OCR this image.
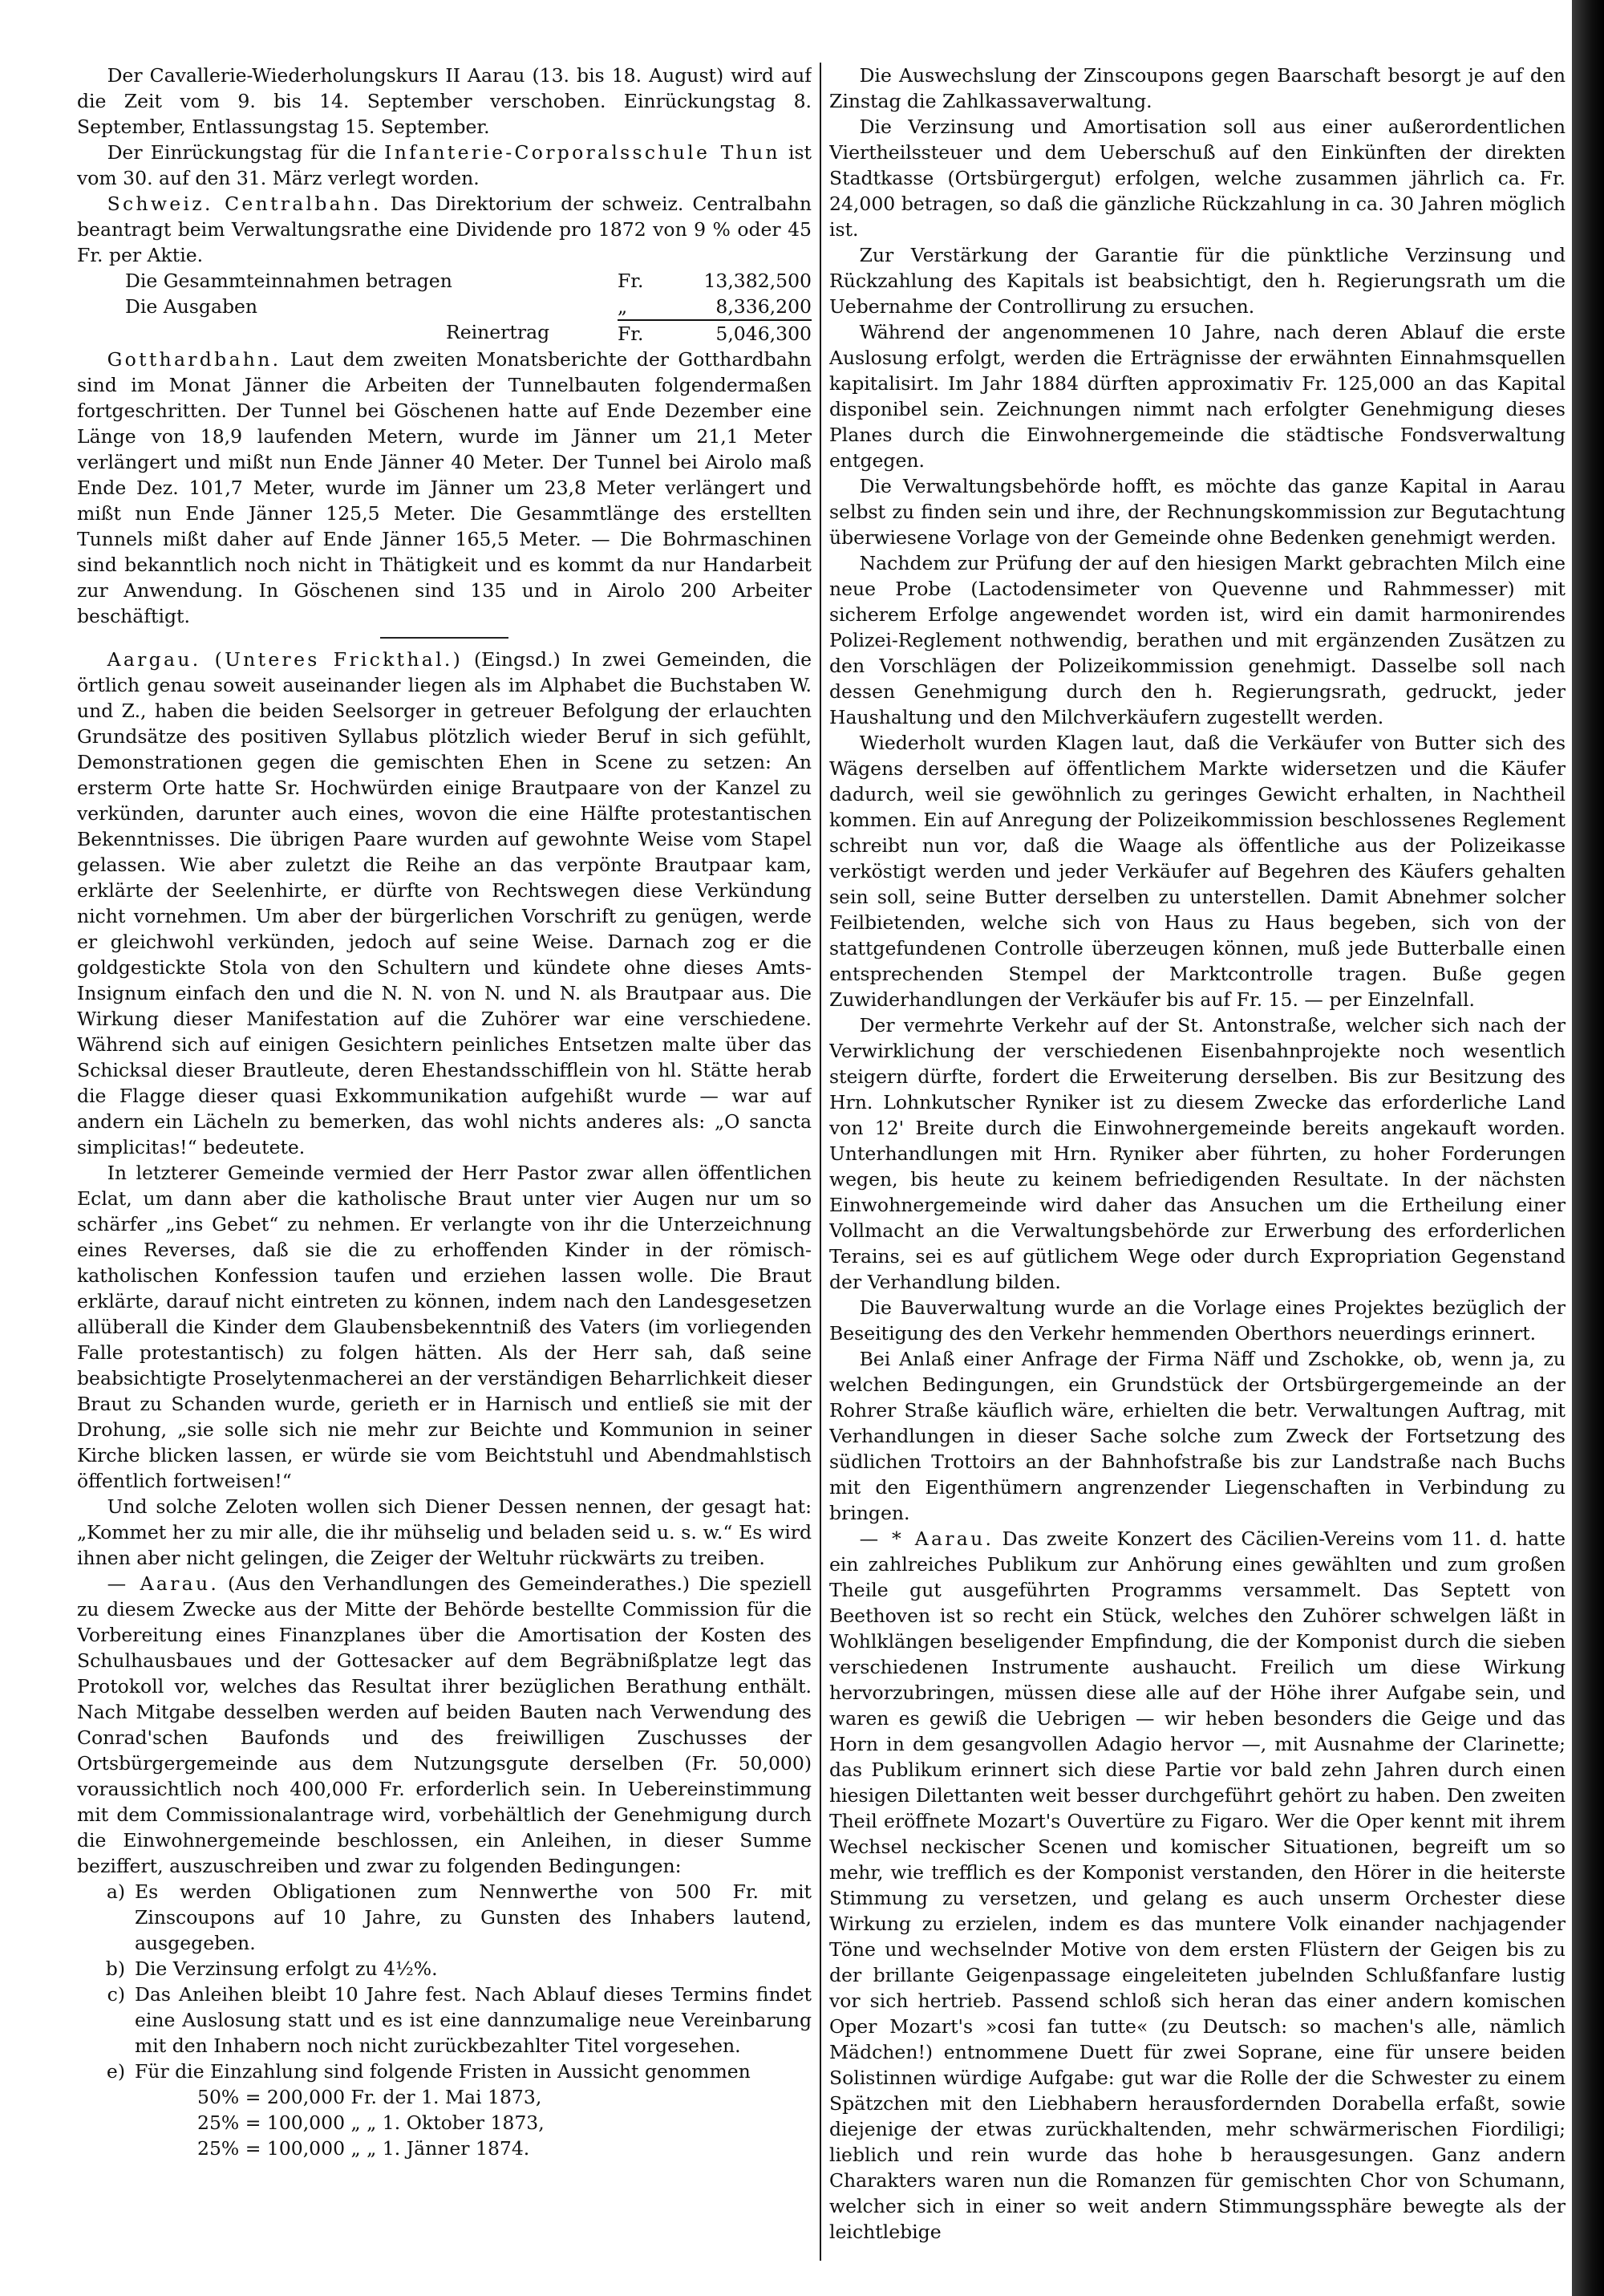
Der Cavallerie-Wiederholungskurs II Aarau (13. bis 18. August) wird auf die Zeit vom 9. bis 14. September verschoben. Einrückungstag 8. September, Entlassungstag 15. September.

Der Einrückungstag für die Infanterie-Corporalsschule Thun ist vom 30. auf den 31. März verlegt worden.

Schweiz. Centralbahn. Das Direktorium der schweiz. Centralbahn beantragt beim Verwaltungsrathe eine Dividende pro 1872 von 9 % oder 45 Fr. per Aktie.

Die Gesammteinnahmen betragen	Fr.	13,382,500
Die Ausgaben	„	8,336,200
Reinertrag	Fr.	5,046,300

Gotthardbahn. Laut dem zweiten Monatsberichte der Gotthardbahn sind im Monat Jänner die Arbeiten der Tunnelbauten folgendermaßen fortgeschritten. Der Tunnel bei Göschenen hatte auf Ende Dezember eine Länge von 18,9 laufenden Metern, wurde im Jänner um 21,1 Meter verlängert und mißt nun Ende Jänner 40 Meter. Der Tunnel bei Airolo maß Ende Dez. 101,7 Meter, wurde im Jänner um 23,8 Meter verlängert und mißt nun Ende Jänner 125,5 Meter. Die Gesammtlänge des erstellten Tunnels mißt daher auf Ende Jänner 165,5 Meter. — Die Bohrmaschinen sind bekanntlich noch nicht in Thätigkeit und es kommt da nur Handarbeit zur Anwendung. In Göschenen sind 135 und in Airolo 200 Arbeiter beschäftigt.

Aargau. (Unteres Frickthal.) (Eingsd.) In zwei Gemeinden, die örtlich genau soweit auseinander liegen als im Alphabet die Buchstaben W. und Z., haben die beiden Seelsorger in getreuer Befolgung der erlauchten Grundsätze des positiven Syllabus plötzlich wieder Beruf in sich gefühlt, Demonstrationen gegen die gemischten Ehen in Scene zu setzen: An ersterm Orte hatte Sr. Hochwürden einige Brautpaare von der Kanzel zu verkünden, darunter auch eines, wovon die eine Hälfte protestantischen Bekenntnisses. Die übrigen Paare wurden auf gewohnte Weise vom Stapel gelassen. Wie aber zuletzt die Reihe an das verpönte Brautpaar kam, erklärte der Seelenhirte, er dürfte von Rechtswegen diese Verkündung nicht vornehmen. Um aber der bürgerlichen Vorschrift zu genügen, werde er gleichwohl verkünden, jedoch auf seine Weise. Darnach zog er die goldgestickte Stola von den Schultern und kündete ohne dieses Amts-Insignum einfach den und die N. N. von N. und N. als Brautpaar aus. Die Wirkung dieser Manifestation auf die Zuhörer war eine verschiedene. Während sich auf einigen Gesichtern peinliches Entsetzen malte über das Schicksal dieser Brautleute, deren Ehestandsschifflein von hl. Stätte herab die Flagge dieser quasi Exkommunikation aufgehißt wurde — war auf andern ein Lächeln zu bemerken, das wohl nichts anderes als: „O sancta simplicitas!“ bedeutete.

In letzterer Gemeinde vermied der Herr Pastor zwar allen öffentlichen Eclat, um dann aber die katholische Braut unter vier Augen nur um so schärfer „ins Gebet“ zu nehmen. Er verlangte von ihr die Unterzeichnung eines Reverses, daß sie die zu erhoffenden Kinder in der römisch-katholischen Konfession taufen und erziehen lassen wolle. Die Braut erklärte, darauf nicht eintreten zu können, indem nach den Landesgesetzen allüberall die Kinder dem Glaubensbekenntniß des Vaters (im vorliegenden Falle protestantisch) zu folgen hätten. Als der Herr sah, daß seine beabsichtigte Proselytenmacherei an der verständigen Beharrlichkeit dieser Braut zu Schanden wurde, gerieth er in Harnisch und entließ sie mit der Drohung, „sie solle sich nie mehr zur Beichte und Kommunion in seiner Kirche blicken lassen, er würde sie vom Beichtstuhl und Abendmahlstisch öffentlich fortweisen!“

Und solche Zeloten wollen sich Diener Dessen nennen, der gesagt hat: „Kommet her zu mir alle, die ihr mühselig und beladen seid u. s. w.“ Es wird ihnen aber nicht gelingen, die Zeiger der Weltuhr rückwärts zu treiben.

— Aarau. (Aus den Verhandlungen des Gemeinderathes.) Die speziell zu diesem Zwecke aus der Mitte der Behörde bestellte Commission für die Vorbereitung eines Finanzplanes über die Amortisation der Kosten des Schulhausbaues und der Gottesacker auf dem Begräbnißplatze legt das Protokoll vor, welches das Resultat ihrer bezüglichen Berathung enthält. Nach Mitgabe desselben werden auf beiden Bauten nach Verwendung des Conrad'schen Baufonds und des freiwilligen Zuschusses der Ortsbürgergemeinde aus dem Nutzungsgute derselben (Fr. 50,000) voraussichtlich noch 400,000 Fr. erforderlich sein. In Uebereinstimmung mit dem Commissionalantrage wird, vorbehältlich der Genehmigung durch die Einwohnergemeinde beschlossen, ein Anleihen, in dieser Summe beziffert, auszuschreiben und zwar zu folgenden Bedingungen:

a) Es werden Obligationen zum Nennwerthe von 500 Fr. mit Zinscoupons auf 10 Jahre, zu Gunsten des Inhabers lautend, ausgegeben.
b) Die Verzinsung erfolgt zu 4½%.
c) Das Anleihen bleibt 10 Jahre fest. Nach Ablauf dieses Termins findet eine Auslosung statt und es ist eine dannzumalige neue Vereinbarung mit den Inhabern noch nicht zurückbezahlter Titel vorgesehen.
e) Für die Einzahlung sind folgende Fristen in Aussicht genommen
50% = 200,000 Fr. der 1. Mai 1873,
25% = 100,000 „ „ 1. Oktober 1873,
25% = 100,000 „ „ 1. Jänner 1874.

Die Auswechslung der Zinscoupons gegen Baarschaft besorgt je auf den Zinstag die Zahlkassaverwaltung.

Die Verzinsung und Amortisation soll aus einer außerordentlichen Viertheilssteuer und dem Ueberschuß auf den Einkünften der direkten Stadtkasse (Ortsbürgergut) erfolgen, welche zusammen jährlich ca. Fr. 24,000 betragen, so daß die gänzliche Rückzahlung in ca. 30 Jahren möglich ist.

Zur Verstärkung der Garantie für die pünktliche Verzinsung und Rückzahlung des Kapitals ist beabsichtigt, den h. Regierungsrath um die Uebernahme der Controllirung zu ersuchen.

Während der angenommenen 10 Jahre, nach deren Ablauf die erste Auslosung erfolgt, werden die Erträgnisse der erwähnten Einnahmsquellen kapitalisirt. Im Jahr 1884 dürften approximativ Fr. 125,000 an das Kapital disponibel sein. Zeichnungen nimmt nach erfolgter Genehmigung dieses Planes durch die Einwohnergemeinde die städtische Fondsverwaltung entgegen.

Die Verwaltungsbehörde hofft, es möchte das ganze Kapital in Aarau selbst zu finden sein und ihre, der Rechnungskommission zur Begutachtung überwiesene Vorlage von der Gemeinde ohne Bedenken genehmigt werden.

Nachdem zur Prüfung der auf den hiesigen Markt gebrachten Milch eine neue Probe (Lactodensimeter von Quevenne und Rahmmesser) mit sicherem Erfolge angewendet worden ist, wird ein damit harmonirendes Polizei-Reglement nothwendig, berathen und mit ergänzenden Zusätzen zu den Vorschlägen der Polizeikommission genehmigt. Dasselbe soll nach dessen Genehmigung durch den h. Regierungsrath, gedruckt, jeder Haushaltung und den Milchverkäufern zugestellt werden.

Wiederholt wurden Klagen laut, daß die Verkäufer von Butter sich des Wägens derselben auf öffentlichem Markte widersetzen und die Käufer dadurch, weil sie gewöhnlich zu geringes Gewicht erhalten, in Nachtheil kommen. Ein auf Anregung der Polizeikommission beschlossenes Reglement schreibt nun vor, daß die Waage als öffentliche aus der Polizeikasse verköstigt werden und jeder Verkäufer auf Begehren des Käufers gehalten sein soll, seine Butter derselben zu unterstellen. Damit Abnehmer solcher Feilbietenden, welche sich von Haus zu Haus begeben, sich von der stattgefundenen Controlle überzeugen können, muß jede Butterballe einen entsprechenden Stempel der Marktcontrolle tragen. Buße gegen Zuwiderhandlungen der Verkäufer bis auf Fr. 15. — per Einzelnfall.

Der vermehrte Verkehr auf der St. Antonstraße, welcher sich nach der Verwirklichung der verschiedenen Eisenbahnprojekte noch wesentlich steigern dürfte, fordert die Erweiterung derselben. Bis zur Besitzung des Hrn. Lohnkutscher Ryniker ist zu diesem Zwecke das erforderliche Land von 12' Breite durch die Einwohnergemeinde bereits angekauft worden. Unterhandlungen mit Hrn. Ryniker aber führten, zu hoher Forderungen wegen, bis heute zu keinem befriedigenden Resultate. In der nächsten Einwohnergemeinde wird daher das Ansuchen um die Ertheilung einer Vollmacht an die Verwaltungsbehörde zur Erwerbung des erforderlichen Terains, sei es auf gütlichem Wege oder durch Expropriation Gegenstand der Verhandlung bilden.

Die Bauverwaltung wurde an die Vorlage eines Projektes bezüglich der Beseitigung des den Verkehr hemmenden Oberthors neuerdings erinnert.

Bei Anlaß einer Anfrage der Firma Näff und Zschokke, ob, wenn ja, zu welchen Bedingungen, ein Grundstück der Ortsbürgergemeinde an der Rohrer Straße käuflich wäre, erhielten die betr. Verwaltungen Auftrag, mit Verhandlungen in dieser Sache solche zum Zweck der Fortsetzung des südlichen Trottoirs an der Bahnhofstraße bis zur Landstraße nach Buchs mit den Eigenthümern angrenzender Liegenschaften in Verbindung zu bringen.

— * Aarau. Das zweite Konzert des Cäcilien-Vereins vom 11. d. hatte ein zahlreiches Publikum zur Anhörung eines gewählten und zum großen Theile gut ausgeführten Programms versammelt. Das Septett von Beethoven ist so recht ein Stück, welches den Zuhörer schwelgen läßt in Wohlklängen beseligender Empfindung, die der Komponist durch die sieben verschiedenen Instrumente aushaucht. Freilich um diese Wirkung hervorzubringen, müssen diese alle auf der Höhe ihrer Aufgabe sein, und waren es gewiß die Uebrigen — wir heben besonders die Geige und das Horn in dem gesangvollen Adagio hervor —, mit Ausnahme der Clarinette; das Publikum erinnert sich diese Partie vor bald zehn Jahren durch einen hiesigen Dilettanten weit besser durchgeführt gehört zu haben. Den zweiten Theil eröffnete Mozart's Ouvertüre zu Figaro. Wer die Oper kennt mit ihrem Wechsel neckischer Scenen und komischer Situationen, begreift um so mehr, wie trefflich es der Komponist verstanden, den Hörer in die heiterste Stimmung zu versetzen, und gelang es auch unserm Orchester diese Wirkung zu erzielen, indem es das muntere Volk einander nachjagender Töne und wechselnder Motive von dem ersten Flüstern der Geigen bis zu der brillante Geigenpassage eingeleiteten jubelnden Schlußfanfare lustig vor sich hertrieb. Passend schloß sich heran das einer andern komischen Oper Mozart's »cosi fan tutte« (zu Deutsch: so machen's alle, nämlich Mädchen!) entnommene Duett für zwei Soprane, eine für unsere beiden Solistinnen würdige Aufgabe: gut war die Rolle der die Schwester zu einem Spätzchen mit den Liebhabern herausfordernden Dorabella erfaßt, sowie diejenige der etwas zurückhaltenden, mehr schwärmerischen Fiordiligi; lieblich und rein wurde das hohe b herausgesungen. Ganz andern Charakters waren nun die Romanzen für gemischten Chor von Schumann, welcher sich in einer so weit andern Stimmungssphäre bewegte als der leichtlebige
